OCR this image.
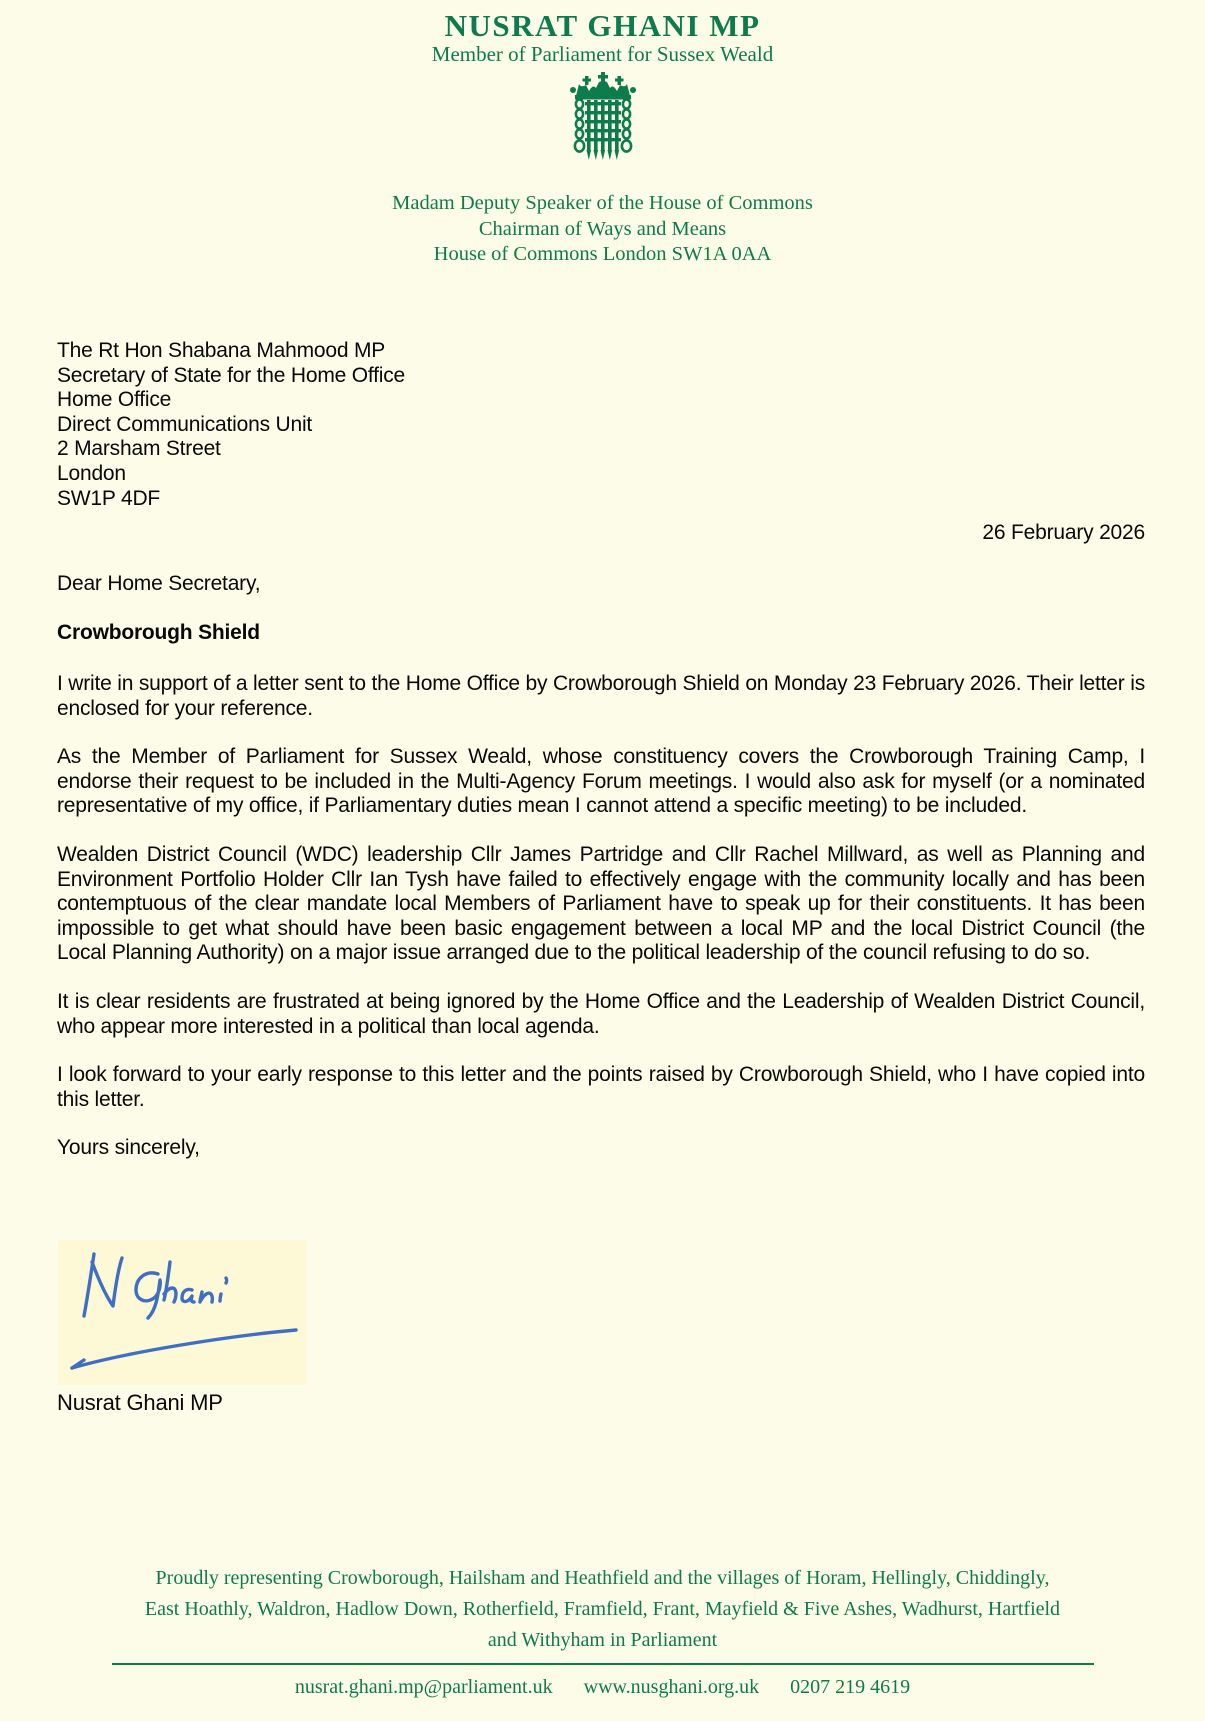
NUSRAT GHANI MP
Member of Parliament for Sussex Weald
Madam Deputy Speaker of the House of Commons
Chairman of Ways and Means
House of Commons London SW1A 0AA
The Rt Hon Shabana Mahmood MP
Secretary of State for the Home Office
Home Office
Direct Communications Unit
2 Marsham Street
London
SW1P 4DF
26 February 2026
Dear Home Secretary,
Crowborough Shield

I write in support of a letter sent to the Home Office by Crowborough Shield on Monday 23 February 2026. Their letter is enclosed for your reference.

As the Member of Parliament for Sussex Weald, whose constituency covers the Crowborough Training Camp, I endorse their request to be included in the Multi-Agency Forum meetings. I would also ask for myself (or a nominated representative of my office, if Parliamentary duties mean I cannot attend a specific meeting) to be included.

Wealden District Council (WDC) leadership Cllr James Partridge and Cllr Rachel Millward, as well as Planning and Environment Portfolio Holder Cllr Ian Tysh have failed to effectively engage with the community locally and has been contemptuous of the clear mandate local Members of Parliament have to speak up for their constituents. It has been impossible to get what should have been basic engagement between a local MP and the local District Council (the Local Planning Authority) on a major issue arranged due to the political leadership of the council refusing to do so.

It is clear residents are frustrated at being ignored by the Home Office and the Leadership of Wealden District Council, who appear more interested in a political than local agenda.

I look forward to your early response to this letter and the points raised by Crowborough Shield, who I have copied into this letter.

Yours sincerely,

Nusrat Ghani MP
Proudly representing Crowborough, Hailsham and Heathfield and the villages of Horam, Hellingly, Chiddingly,
East Hoathly, Waldron, Hadlow Down, Rotherfield, Framfield, Frant, Mayfield & Five Ashes, Wadhurst, Hartfield
and Withyham in Parliament
nusrat.ghani.mp@parliament.uk www.nusghani.org.uk 0207 219 4619
